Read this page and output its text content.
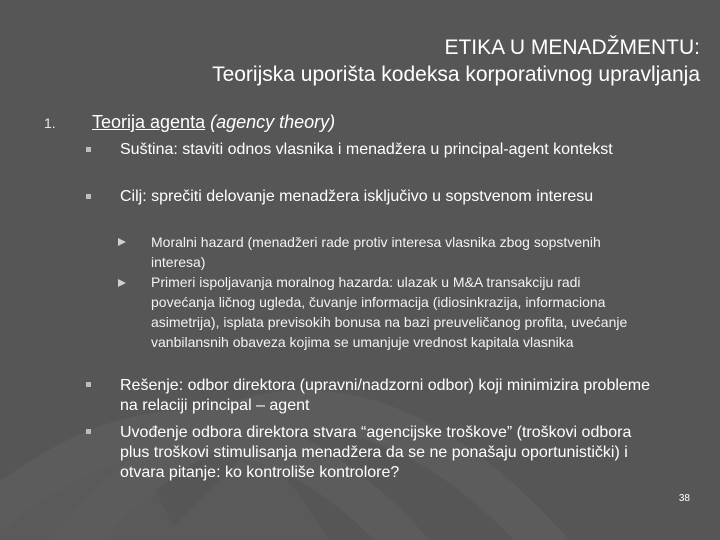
ETIKA U MENADŽMENTU:
Teorijska uporišta kodeksa korporativnog upravljanja
1. Teorija agenta (agency theory)
Suština: staviti odnos vlasnika i menadžera u principal-agent kontekst
Cilj: sprečiti delovanje menadžera isključivo u sopstvenom interesu
Moralni hazard (menadžeri rade protiv interesa vlasnika zbog sopstvenih interesa)
Primeri ispoljavanja moralnog hazarda: ulazak u M&A transakciju radi povećanja ličnog ugleda, čuvanje informacija (idiosinkrazija, informaciona asimetrija), isplata previsokih bonusa na bazi preuveličanog profita, uvećanje vanbilansnih obaveza kojima se umanjuje vrednost kapitala vlasnika
Rešenje: odbor direktora (upravni/nadzorni odbor) koji minimizira probleme na relaciji principal – agent
Uvođenje odbora direktora stvara “agencijske troškove” (troškovi odbora plus troškovi stimulisanja menadžera da se ne ponašaju oportunistički) i otvara pitanje: ko kontroliše kontrolore?
38
